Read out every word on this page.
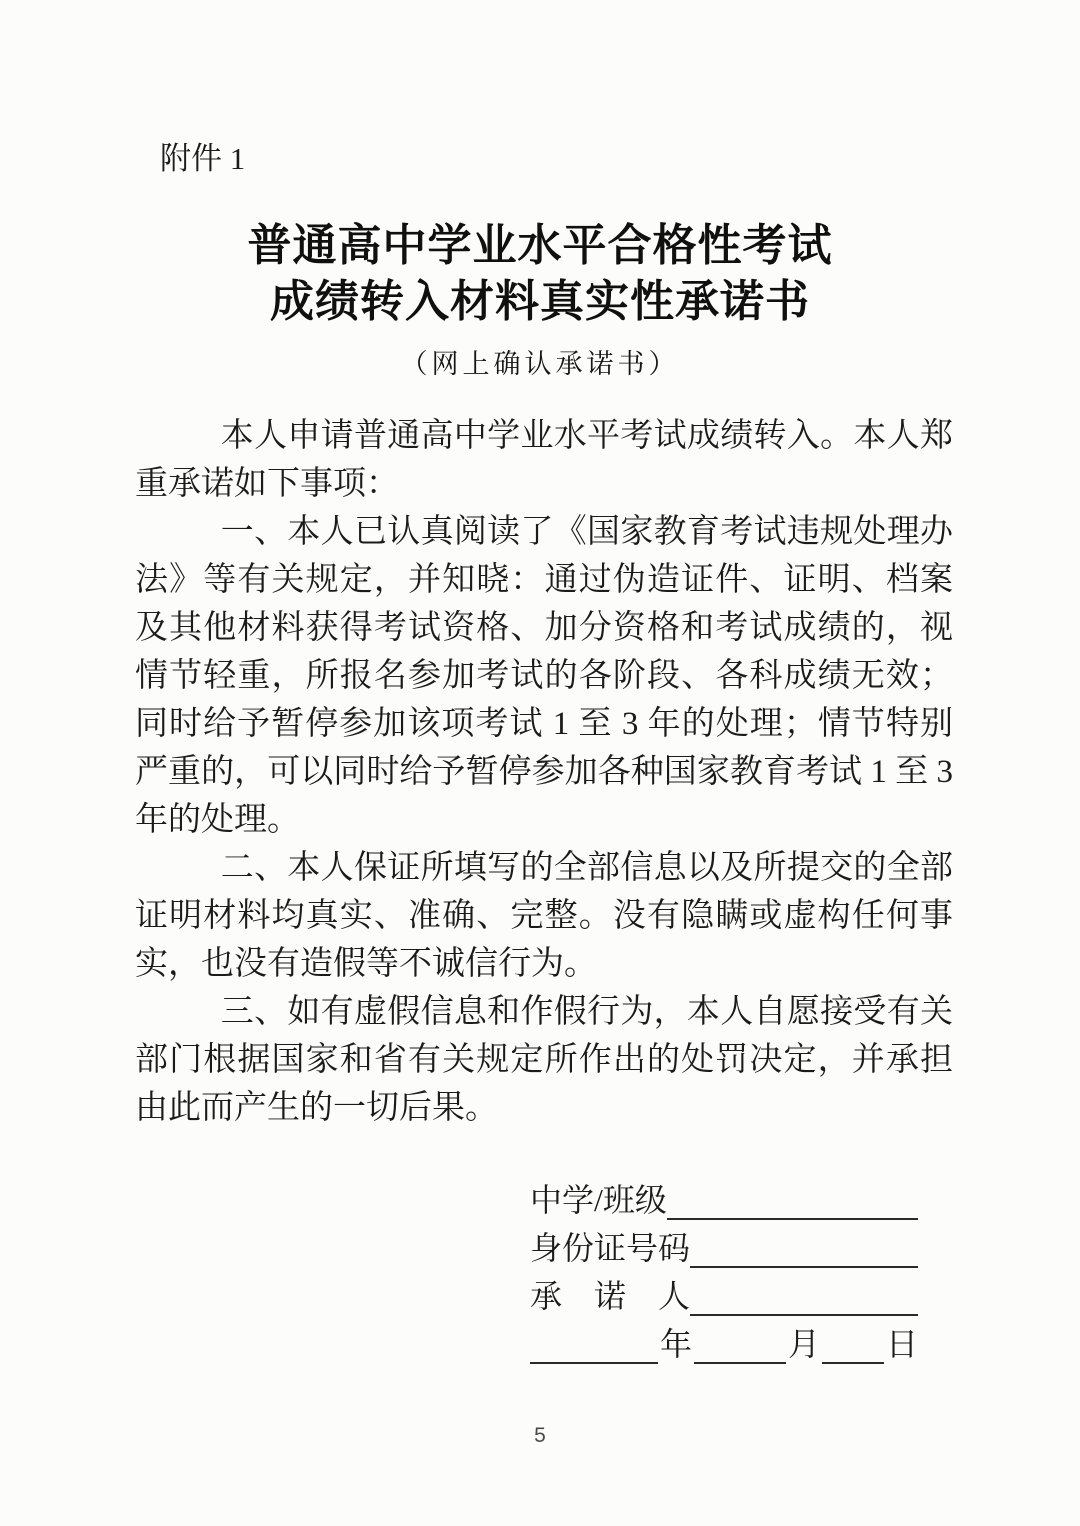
附件 1
普通高中学业水平合格性考试
成绩转入材料真实性承诺书
（网上确认承诺书）

本人申请普通高中学业水平考试成绩转入。本人郑重承诺如下事项：

一、本人已认真阅读了《国家教育考试违规处理办法》等有关规定，并知晓：通过伪造证件、证明、档案及其他材料获得考试资格、加分资格和考试成绩的，视情节轻重，所报名参加考试的各阶段、各科成绩无效；同时给予暂停参加该项考试 1 至 3 年的处理；情节特别严重的，可以同时给予暂停参加各种国家教育考试 1 至 3 年的处理。

二、本人保证所填写的全部信息以及所提交的全部证明材料均真实、准确、完整。没有隐瞒或虚构任何事实，也没有造假等不诚信行为。

三、如有虚假信息和作假行为，本人自愿接受有关部门根据国家和省有关规定所作出的处罚决定，并承担由此而产生的一切后果。

中学/班级
身份证号码
承　诺　人
年	月 日
5
